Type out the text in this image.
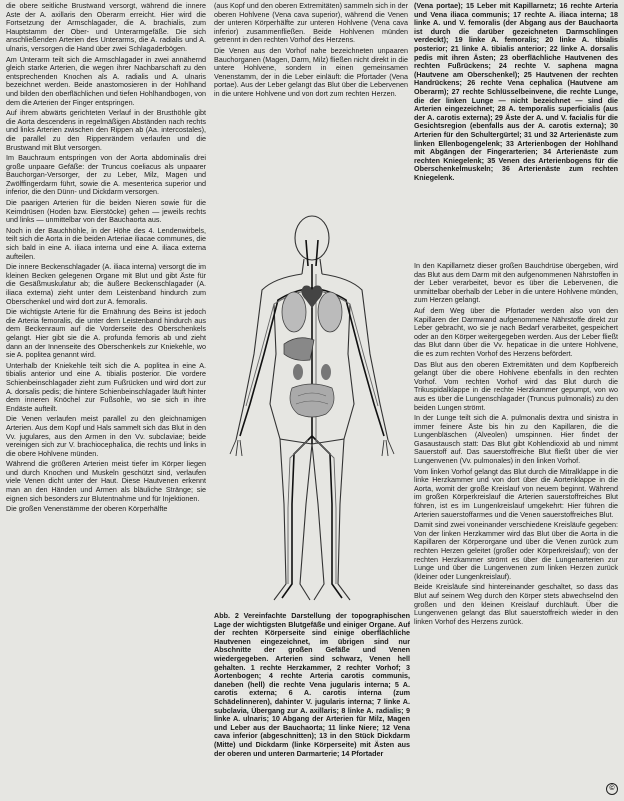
die obere seitliche Brustwand versorgt, während die innere Aste der A. axillaris den Oberarm erreicht. Hier wird die Fortsetzung der Armschlagader, die A. brachialis, zum Hauptstamm der Ober- und Unterarmgefäße. Die sich anschließenden Arterien des Unterarms, die A. radialis und A. ulnaris, versorgen die Hand über zwei Schlagaderbögen.

Am Unterarm teilt sich die Armschlagader in zwei annähernd gleich starke Arterien, die wegen ihrer Nachbarschaft zu den entsprechenden Knochen als A. radialis und A. ulnaris bezeichnet werden. Beide anastomosieren in der Hohlhand und bilden den oberflächlichen und tiefen Hohlhandbogen, von dem die Arterien der Finger entspringen.

Auf ihrem abwärts gerichteten Verlauf in der Brusthöhle gibt die Aorta descendens in regelmäßigen Abständen nach rechts und links Arterien zwischen den Rippen ab (Aa. intercostales), die parallel zu den Rippenrändern verlaufen und die Brustwand mit Blut versorgen.

Im Bauchraum entspringen von der Aorta abdominalis drei große unpaare Gefäße: der Truncus coeliacus als unpaarer Bauchorgan-Versorger, der zu Leber, Milz, Magen und Zwölffingerdarm führt, sowie die A. mesenterica superior und inferior, die den Dünn- und Dickdarm versorgen.

Die paarigen Arterien für die beiden Nieren sowie für die Keimdrüsen (Hoden bzw. Eierstöcke) gehen — jeweils rechts und links — unmittelbar von der Bauchaorta aus.

Noch in der Bauchhöhle, in der Höhe des 4. Lendenwirbels, teilt sich die Aorta in die beiden Arteriae iliacae communes, die sich bald in eine A. iliaca interna und eine A. iliaca externa aufteilen.

Die innere Beckenschlagader (A. iliaca interna) versorgt die im kleinen Becken gelegenen Organe mit Blut und gibt Äste für die Gesäßmuskulatur ab; die äußere Beckenschlagader (A. iliaca externa) zieht unter dem Leistenband hindurch zum Oberschenkel und wird dort zur A. femoralis.

Die wichtigste Arterie für die Ernährung des Beins ist jedoch die Arteria femoralis, die unter dem Leistenband hindurch aus dem Beckenraum auf die Vorderseite des Oberschenkels gelangt. Hier gibt sie die A. profunda femoris ab und zieht dann an der Innenseite des Oberschenkels zur Kniekehle, wo sie A. poplitea genannt wird.

Unterhalb der Kniekehle teilt sich die A. poplitea in eine A. tibialis anterior und eine A. tibialis posterior. Die vordere Schienbeinschlagader zieht zum Fußrücken und wird dort zur A. dorsalis pedis; die hintere Schienbeinschlagader läuft hinter dem inneren Knöchel zur Fußsohle, wo sie sich in ihre Endäste aufteilt.

Die Venen verlaufen meist parallel zu den gleichnamigen Arterien. Aus dem Kopf und Hals sammelt sich das Blut in den Vv. jugulares, aus den Armen in den Vv. subclaviae; beide vereinigen sich zur V. brachiocephalica, die rechts und links in die obere Hohlvene münden.

Während die größeren Arterien meist tiefer im Körper liegen und durch Knochen und Muskeln geschützt sind, verlaufen viele Venen dicht unter der Haut. Diese Hautvenen erkennt man an den Händen und Armen als bläuliche Stränge; sie eignen sich besonders zur Blutentnahme und für Injektionen.

Die großen Venenstämme der oberen Körperhälfte

(aus Kopf und den oberen Extremitäten) sammeln sich in der oberen Hohlvene (Vena cava superior), während die Venen der unteren Körperhälfte zur unteren Hohlvene (Vena cava inferior) zusammenfließen. Beide Hohlvenen münden getrennt in den rechten Vorhof des Herzens.

Die Venen aus den Vorhof nahe bezeichneten unpaaren Bauchorganen (Magen, Darm, Milz) fließen nicht direkt in die untere Hohlvene, sondern in einen gemeinsamen Venenstamm, der in die Leber einläuft: die Pfortader (Vena portae). Aus der Leber gelangt das Blut über die Lebervenen in die untere Hohlvene und von dort zum rechten Herzen.

(Vena portae); 15 Leber mit Kapillarnetz; 16 rechte Arteria und Vena iliaca communis; 17 rechte A. iliaca interna; 18 linke A. und V. femoralis (der Abgang aus der Bauchaorta ist durch die darüber gezeichneten Darmschlingen verdeckt); 19 linke A. femoralis; 20 linke A. tibialis posterior; 21 linke A. tibialis anterior; 22 linke A. dorsalis pedis mit ihren Ästen; 23 oberflächliche Hautvenen des rechten Fußrückens; 24 rechte V. saphena magna (Hautvene am Oberschenkel); 25 Hautvenen der rechten Handrückens; 26 rechte Vena cephalica (Hautvene am Oberarm); 27 rechte Schlüsselbeinvene, die rechte Lunge, die der linken Lunge — nicht bezeichnet — sind die Arterien eingezeichnet; 28 A. temporalis superficialis (aus der A. carotis externa); 29 Äste der A. und V. facialis für die Gesichtsregion (ebenfalls aus der A. carotis externa); 30 Arterien für den Schultergürtel; 31 und 32 Arterienäste zum linken Ellenbogengelenk; 33 Arterienbogen der Hohlhand mit Abgängen der Fingerarterien; 34 Arterienäste zum rechten Kniegelenk; 35 Venen des Arterienbogens für die Oberschenkelmuskeln; 36 Arterienäste zum rechten Kniegelenk.

In den Kapillarnetz dieser großen Bauchdrüse übergeben, wird das Blut aus dem Darm mit den aufgenommenen Nährstoffen in der Leber verarbeitet, bevor es über die Lebervenen, die unmittelbar oberhalb der Leber in die untere Hohlvene münden, zum Herzen gelangt.

Auf dem Weg über die Pfortader werden also von den Kapillaren der Darmwand aufgenommene Nährstoffe direkt zur Leber gebracht, wo sie je nach Bedarf verarbeitet, gespeichert oder an den Körper weitergegeben werden. Aus der Leber fließt das Blut dann über die Vv. hepaticae in die untere Hohlvene, die es zum rechten Vorhof des Herzens befördert.

Das Blut aus den oberen Extremitäten und dem Kopfbereich gelangt über die obere Hohlvene ebenfalls in den rechten Vorhof. Vom rechten Vorhof wird das Blut durch die Trikuspidalklappe in die rechte Herzkammer gepumpt, von wo aus es über die Lungenschlagader (Truncus pulmonalis) zu den beiden Lungen strömt.

In der Lunge teilt sich die A. pulmonalis dextra und sinistra in immer feinere Äste bis hin zu den Kapillaren, die die Lungenbläschen (Alveolen) umspinnen. Hier findet der Gasaustausch statt: Das Blut gibt Kohlendioxid ab und nimmt Sauerstoff auf. Das sauerstoffreiche Blut fließt über die vier Lungenvenen (Vv. pulmonales) in den linken Vorhof.

Vom linken Vorhof gelangt das Blut durch die Mitralklappe in die linke Herzkammer und von dort über die Aortenklappe in die Aorta, womit der große Kreislauf von neuem beginnt. Während im großen Körperkreislauf die Arterien sauerstoffreiches Blut führen, ist es im Lungenkreislauf umgekehrt: Hier führen die Arterien sauerstoffarmes und die Venen sauerstoffreiches Blut.

Damit sind zwei voneinander verschiedene Kreisläufe gegeben: Von der linken Herzkammer wird das Blut über die Aorta in die Kapillaren der Körperorgane und über die Venen zurück zum rechten Herzen geleitet (großer oder Körperkreislauf); von der rechten Herzkammer strömt es über die Lungenarterien zur Lunge und über die Lungenvenen zum linken Herzen zurück (kleiner oder Lungenkreislauf).

Beide Kreisläufe sind hintereinander geschaltet, so dass das Blut auf seinem Weg durch den Körper stets abwechselnd den großen und den kleinen Kreislauf durchläuft. Über die Lungenvenen gelangt das Blut sauerstoffreich wieder in den linken Vorhof des Herzens zurück.

Abb. 2 Vereinfachte Darstellung der topographischen Lage der wichtigsten Blutgefäße und einiger Organe. Auf der rechten Körperseite sind einige oberflächliche Hautvenen eingezeichnet, im übrigen sind nur Abschnitte der großen Gefäße und Venen wiedergegeben. Arterien sind schwarz, Venen hell gehalten. 1 rechte Herzkammer, 2 rechter Vorhof; 3 Aortenbogen; 4 rechte Arteria carotis communis, daneben (hell) die rechte Vena jugularis interna; 5 A. carotis externa; 6 A. carotis interna (zum Schädelinneren), dahinter V. jugularis interna; 7 linke A. subclavia, Übergang zur A. axillaris; 8 linke A. radialis; 9 linke A. ulnaris; 10 Abgang der Arterien für Milz, Magen und Leber aus der Bauchaorta; 11 linke Niere; 12 Vena cava inferior (abgeschnitten); 13 in den Stück Dickdarm (Mitte) und Dickdarm (linke Körperseite) mit Ästen aus der oberen und unteren Darmarterie; 14 Pfortader
©
